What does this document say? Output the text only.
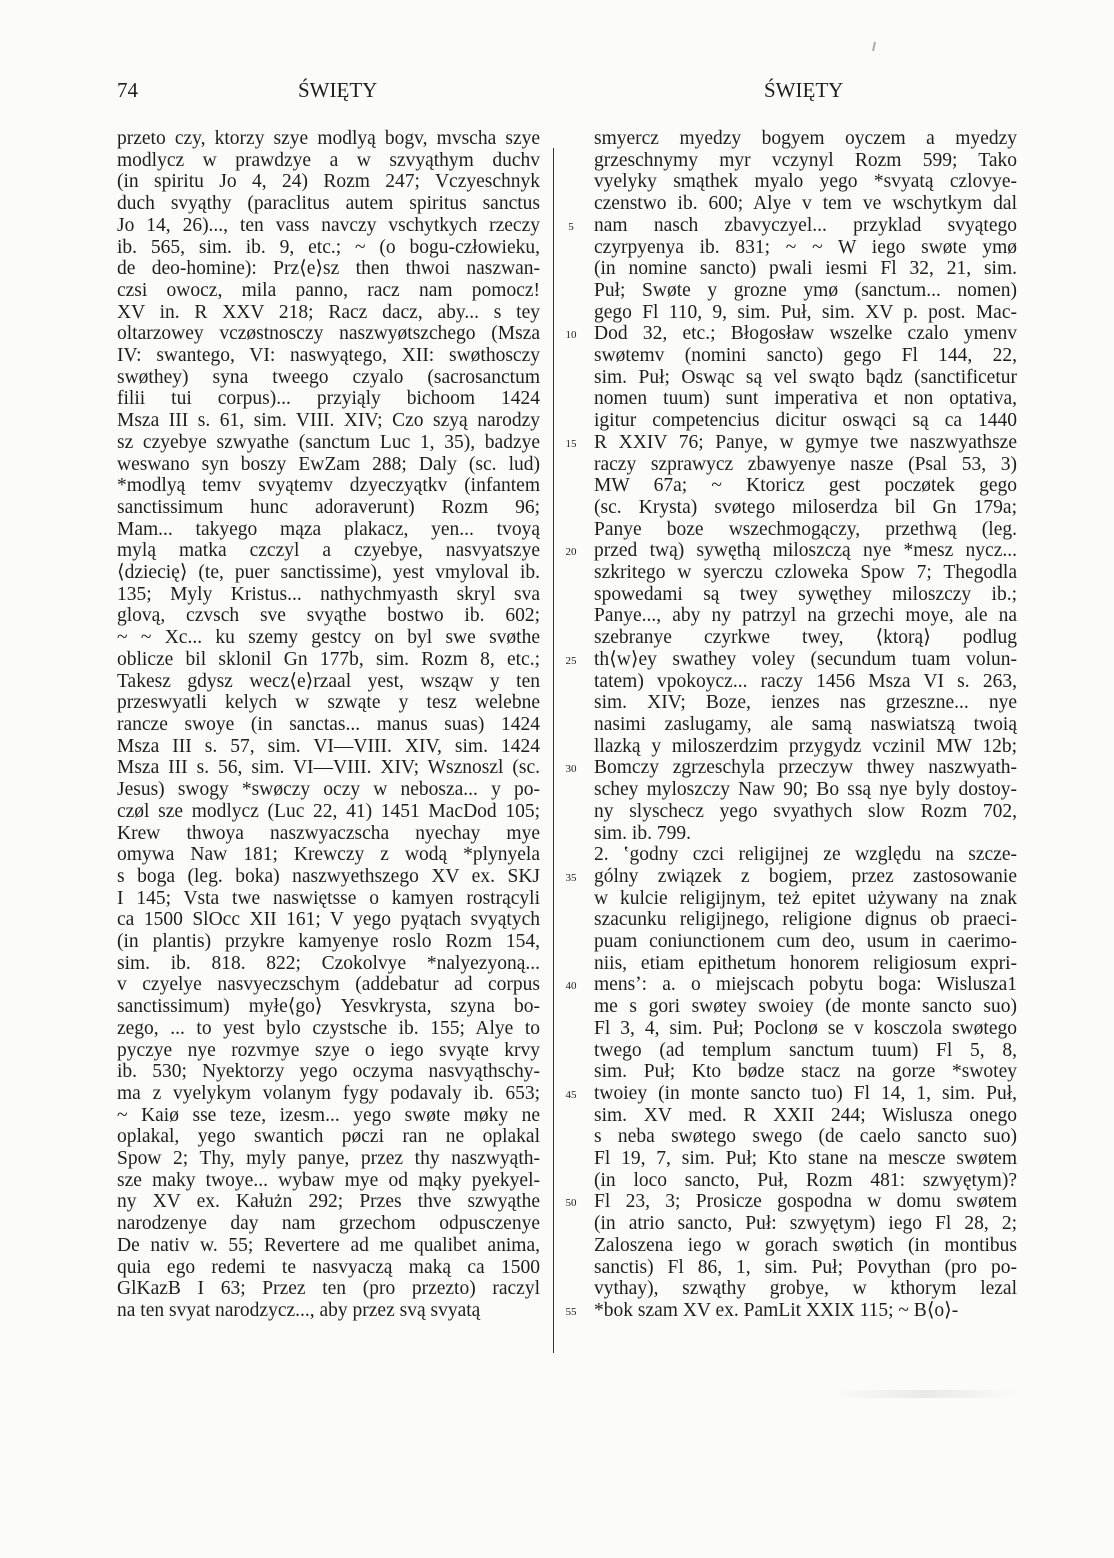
74	ŚWIĘTY	ŚWIĘTY
przeto czy, ktorzy szye modlyą bogv, mvscha szye
modlycz w prawdzye a w szvyąthym duchv
(in spiritu Jo 4, 24) Rozm 247; Vczyeschnyk
duch svyąthy (paraclitus autem spiritus sanctus
Jo 14, 26)..., ten vass navczy vschytkych rzeczy
ib. 565, sim. ib. 9, etc.; ~ (o bogu-człowieku,
de deo-homine): Prz⟨e⟩sz then thwoi naszwan-
czsi owocz, mila panno, racz nam pomocz!
XV in. R XXV 218; Racz dacz, aby... s tey
oltarzowey vczøstnosczy naszwyøtszchego (Msza
IV: swantego, VI: naswyątego, XII: swøthosczy
swøthey) syna tweego czyalo (sacrosanctum
filii tui corpus)... przyiąly bichoom 1424
Msza III s. 61, sim. VIII. XIV; Czo szyą narodzy
sz czyebye szwyathe (sanctum Luc 1, 35), badzye
weswano syn boszy EwZam 288; Daly (sc. lud)
*modlyą temv svyątemv dzyeczyątkv (infantem
sanctissimum hunc adoraverunt) Rozm 96;
Mam... takyego mąza plakacz, yen... tvoyą
mylą matka czczyl a czyebye, nasvyatszye
⟨dziecię⟩ (te, puer sanctissime), yest vmyloval ib.
135; Myly Kristus... nathychmyasth skryl sva
glovą, czvsch sve svyąthe bostwo ib. 602;
~ ~ Xc... ku szemy gestcy on byl swe svøthe
oblicze bil sklonil Gn 177b, sim. Rozm 8, etc.;
Takesz gdysz wecz⟨e⟩rzaal yest, wsząw y ten
przeswyatli kelych w szwąte y tesz welebne
rancze swoye (in sanctas... manus suas) 1424
Msza III s. 57, sim. VI—VIII. XIV, sim. 1424
Msza III s. 56, sim. VI—VIII. XIV; Wsznoszl (sc.
Jesus) swogy *swøczy oczy w nebosza... y po-
czøl sze modlycz (Luc 22, 41) 1451 MacDod 105;
Krew thwoya naszwyaczscha nyechay mye
omywa Naw 181; Krewczy z wodą *plynyela
s boga (leg. boka) naszwyethszego XV ex. SKJ
I 145; Vsta twe naswiętsse o kamyen rostrącyli
ca 1500 SlOcc XII 161; V yego pyątach svyątych
(in plantis) przykre kamyenye roslo Rozm 154,
sim. ib. 818. 822; Czokolvye *nalyezyoną...
v czyelye nasvyeczschym (addebatur ad corpus
sanctissimum) myłe⟨go⟩ Yesvkrysta, szyna bo-
zego, ... to yest bylo czystsche ib. 155; Alye to
pyczye nye rozvmye szye o iego svyąte krvy
ib. 530; Nyektorzy yego oczyma nasvyąthschy-
ma z vyelykym volanym fygy podavaly ib. 653;
~ Kaiø sse teze, izesm... yego swøte møky ne
oplakal, yego swantich pøczi ran ne oplakal
Spow 2; Thy, myly panye, przez thy naszwyąth-
sze maky twoye... wybaw mye od mąky pyekyel-
ny XV ex. Kałużn 292; Przes thve szwyąthe
narodzenye day nam grzechom odpusczenye
De nativ w. 55; Revertere ad me qualibet anima,
quia ego redemi te nasvyaczą maką ca 1500
GlKazB I 63; Przez ten (pro przezto) raczyl
na ten svyat narodzycz..., aby przez svą svyatą
5
10
15
20
25
30
35
40
45
50
55
smyercz myedzy bogyem oyczem a myedzy
grzeschnymy myr vczynyl Rozm 599; Tako
vyelyky smąthek myalo yego *svyatą czlovye-
czenstwo ib. 600; Alye v tem ve wschytkym dal
nam nasch zbavyczyel... przyklad svyątego
czyrpyenya ib. 831; ~ ~ W iego swøte ymø
(in nomine sancto) pwali iesmi Fl 32, 21, sim.
Puł; Swøte y grozne ymø (sanctum... nomen)
gego Fl 110, 9, sim. Puł, sim. XV p. post. Mac-
Dod 32, etc.; Błogosław wszelke czalo ymenv
swøtemv (nomini sancto) gego Fl 144, 22,
sim. Puł; Oswąc są vel swąto bądz (sanctificetur
nomen tuum) sunt imperativa et non optativa,
igitur competencius dicitur oswąci są ca 1440
R XXIV 76; Panye, w gymye twe naszwyathsze
raczy szprawycz zbawyenye nasze (Psal 53, 3)
MW 67a; ~ Ktoricz gest poczøtek gego
(sc. Krysta) svøtego miloserdza bil Gn 179a;
Panye boze wszechmogączy, przethwą (leg.
przed twą) sywęthą miloszczą nye *mesz nycz...
szkritego w syerczu czloweka Spow 7; Thegodla
spowedami są twey sywęthey miloszczy ib.;
Panye..., aby ny patrzyl na grzechi moye, ale na
szebranye czyrkwe twey, ⟨ktorą⟩ podlug
th⟨w⟩ey swathey voley (secundum tuam volun-
tatem) vpokoycz... raczy 1456 Msza VI s. 263,
sim. XIV; Boze, ienzes nas grzeszne... nye
nasimi zaslugamy, ale samą naswiatszą twoią
llazką y miloszerdzim przygydz vczinil MW 12b;
Bomczy zgrzeschyla przeczyw thwey naszwyath-
schey myloszczy Naw 90; Bo ssą nye byly dostoy-
ny slyschecz yego svyathych slow Rozm 702,
sim. ib. 799.
2. ʽgodny czci religijnej ze względu na szcze-
gólny związek z bogiem, przez zastosowanie
w kulcie religijnym, też epitet używany na znak
szacunku religijnego, religione dignus ob praeci-
puam coniunctionem cum deo, usum in caerimo-
niis, etiam epithetum honorem religiosum expri-
mensʼ: a. o miejscach pobytu boga: Wislusza1
me s gori swøtey swoiey (de monte sancto suo)
Fl 3, 4, sim. Puł; Poclonø se v kosczola swøtego
twego (ad templum sanctum tuum) Fl 5, 8,
sim. Puł; Kto bødze stacz na gorze *swotey
twoiey (in monte sancto tuo) Fl 14, 1, sim. Puł,
sim. XV med. R XXII 244; Wislusza onego
s neba swøtego swego (de caelo sancto suo)
Fl 19, 7, sim. Puł; Kto stane na mescze swøtem
(in loco sancto, Puł, Rozm 481: szwyętym)?
Fl 23, 3; Prosicze gospodna w domu swøtem
(in atrio sancto, Puł: szwyętym) iego Fl 28, 2;
Zaloszena iego w gorach swøtich (in montibus
sanctis) Fl 86, 1, sim. Puł; Povythan (pro po-
vythay), szwąthy grobye, w kthorym lezal
*bok szam XV ex. PamLit XXIX 115; ~ B⟨o⟩-
